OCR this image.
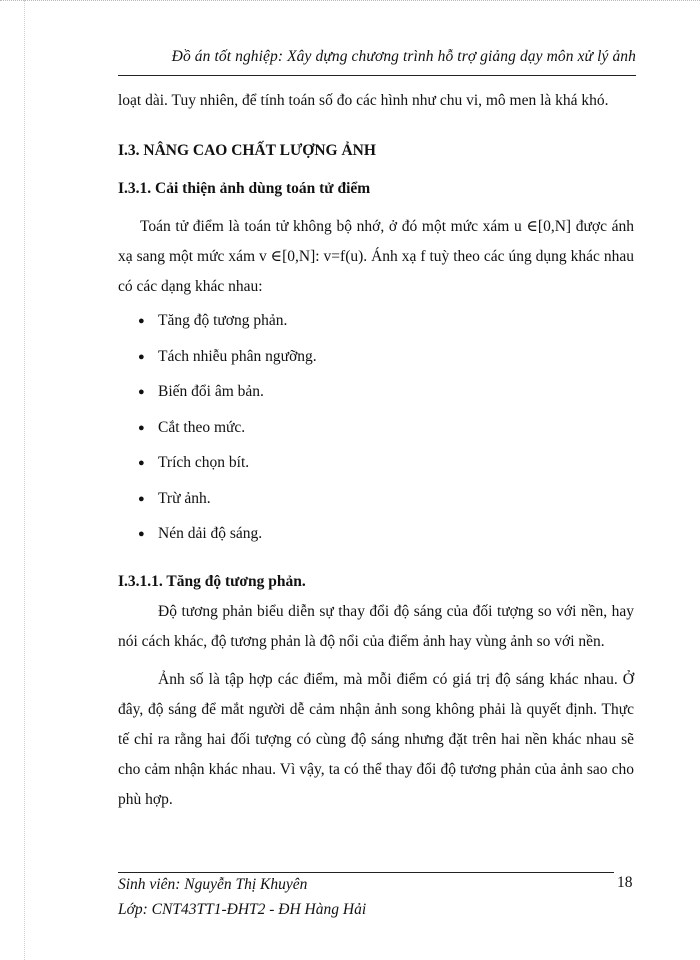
Đồ án tốt nghiệp: Xây dựng chương trình hỗ trợ giảng dạy môn xử lý ảnh

loạt dài. Tuy nhiên, để tính toán số đo các hình như chu vi, mô men là khá khó.

I.3. NÂNG CAO CHẤT LƯỢNG ẢNH
I.3.1. Cải thiện ảnh dùng toán tử điểm

Toán tử điểm là toán tử không bộ nhớ, ở đó một mức xám u ∈[0,N] được ánh xạ sang một mức xám v ∈[0,N]: v=f(u). Ánh xạ f tuỳ theo các úng dụng khác nhau có các dạng khác nhau:

● Tăng độ tương phản.
● Tách nhiễu phân ngưỡng.
● Biến đổi âm bản.
● Cắt theo mức.
● Trích chọn bít.
● Trừ ảnh.
● Nén dải độ sáng.
I.3.1.1. Tăng độ tương phản.

Độ tương phản biểu diễn sự thay đổi độ sáng của đối tượng so với nền, hay nói cách khác, độ tương phản là độ nổi của điểm ảnh hay vùng ảnh so với nền.

Ảnh số là tập hợp các điểm, mà mỗi điểm có giá trị độ sáng khác nhau. Ở đây, độ sáng để mắt người dễ cảm nhận ảnh song không phải là quyết định. Thực tế chỉ ra rằng hai đối tượng có cùng độ sáng nhưng đặt trên hai nền khác nhau sẽ cho cảm nhận khác nhau. Vì vậy, ta có thể thay đổi độ tương phản của ảnh sao cho phù hợp.

Sinh viên: Nguyễn Thị Khuyên
Lớp: CNT43TT1-ĐHT2 - ĐH Hàng Hải
18
